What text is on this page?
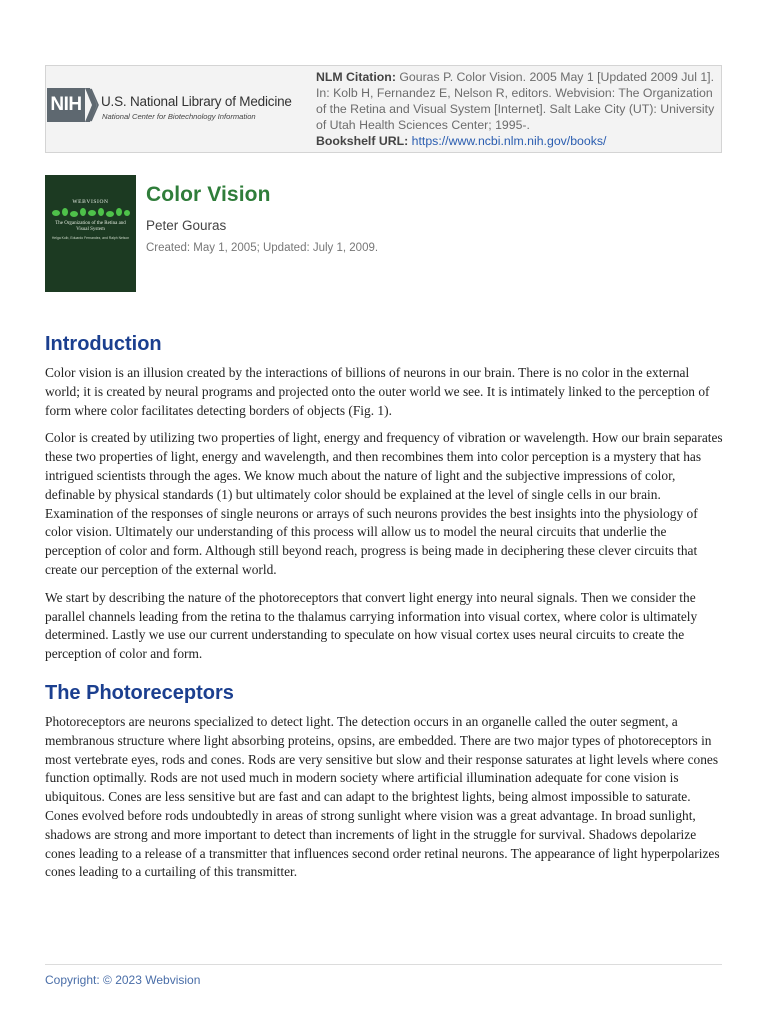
NIH U.S. National Library of Medicine
National Center for Biotechnology Information
NLM Citation: Gouras P. Color Vision. 2005 May 1 [Updated 2009 Jul 1]. In: Kolb H, Fernandez E, Nelson R, editors. Webvision: The Organization of the Retina and Visual System [Internet]. Salt Lake City (UT): University of Utah Health Sciences Center; 1995-.
Bookshelf URL: https://www.ncbi.nlm.nih.gov/books/
WEBVISION
The Organization of the Retina and Visual System
Helga Kolb, Eduardo Fernandez, and Ralph Nelson
Color Vision
Peter Gouras
Created: May 1, 2005; Updated: July 1, 2009.
Introduction

Color vision is an illusion created by the interactions of billions of neurons in our brain. There is no color in the external world; it is created by neural programs and projected onto the outer world we see. It is intimately linked to the perception of form where color facilitates detecting borders of objects (Fig. 1).

Color is created by utilizing two properties of light, energy and frequency of vibration or wavelength. How our brain separates these two properties of light, energy and wavelength, and then recombines them into color perception is a mystery that has intrigued scientists through the ages. We know much about the nature of light and the subjective impressions of color, definable by physical standards (1) but ultimately color should be explained at the level of single cells in our brain. Examination of the responses of single neurons or arrays of such neurons provides the best insights into the physiology of color vision. Ultimately our understanding of this process will allow us to model the neural circuits that underlie the perception of color and form. Although still beyond reach, progress is being made in deciphering these clever circuits that create our perception of the external world.

We start by describing the nature of the photoreceptors that convert light energy into neural signals. Then we consider the parallel channels leading from the retina to the thalamus carrying information into visual cortex, where color is ultimately determined. Lastly we use our current understanding to speculate on how visual cortex uses neural circuits to create the perception of color and form.

The Photoreceptors

Photoreceptors are neurons specialized to detect light. The detection occurs in an organelle called the outer segment, a membranous structure where light absorbing proteins, opsins, are embedded. There are two major types of photoreceptors in most vertebrate eyes, rods and cones. Rods are very sensitive but slow and their response saturates at light levels where cones function optimally. Rods are not used much in modern society where artificial illumination adequate for cone vision is ubiquitous. Cones are less sensitive but are fast and can adapt to the brightest lights, being almost impossible to saturate. Cones evolved before rods undoubtedly in areas of strong sunlight where vision was a great advantage. In broad sunlight, shadows are strong and more important to detect than increments of light in the struggle for survival. Shadows depolarize cones leading to a release of a transmitter that influences second order retinal neurons. The appearance of light hyperpolarizes cones leading to a curtailing of this transmitter.

Copyright: © 2023 Webvision
